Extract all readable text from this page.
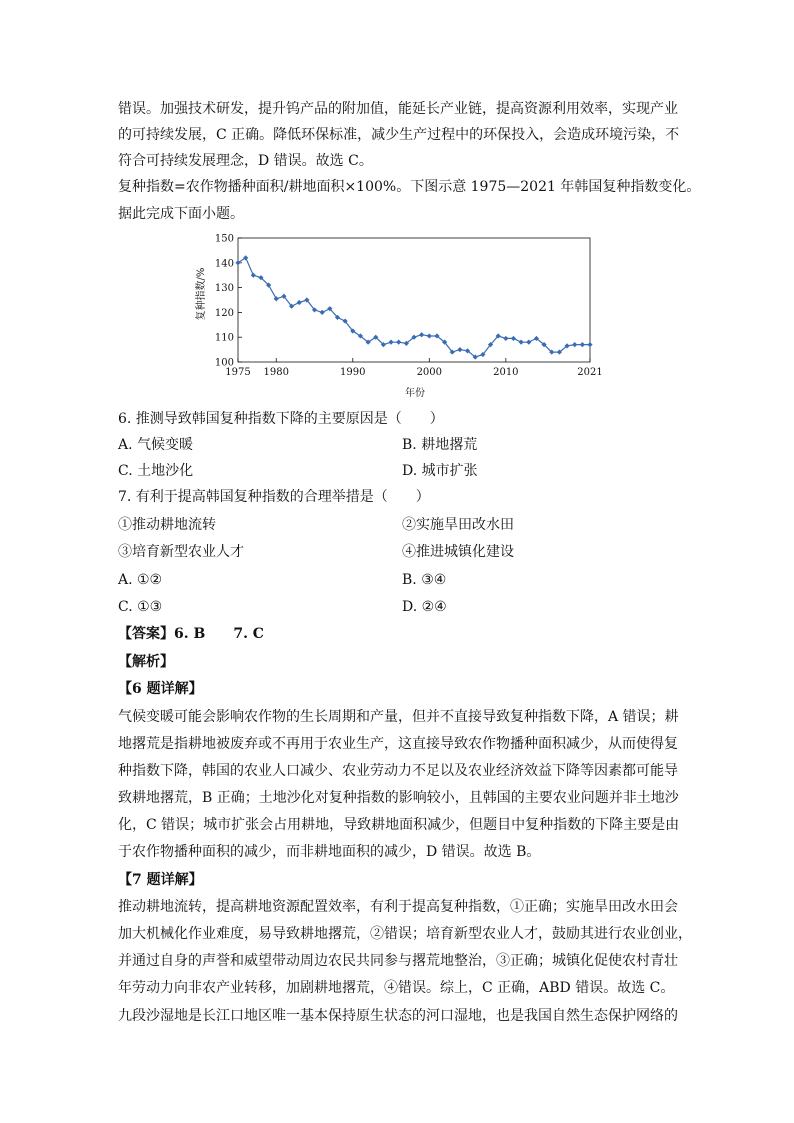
错误。加强技术研发，提升钨产品的附加值，能延长产业链，提高资源利用效率，实现产业
的可持续发展，C 正确。降低环保标准，减少生产过程中的环保投入，会造成环境污染，不
符合可持续发展理念，D 错误。故选 C。
复种指数=农作物播种面积/耕地面积×100%。下图示意 1975—2021 年韩国复种指数变化。
据此完成下面小题。
100
110
120
130
140
150
1975 1980	1990	2000	2010	2021
复种指数/%
年份
6. 推测导致韩国复种指数下降的主要原因是（　　）
A. 气候变暖	B. 耕地撂荒
C. 土地沙化	D. 城市扩张
7. 有利于提高韩国复种指数的合理举措是（　　）
①推动耕地流转	②实施旱田改水田
③培育新型农业人才	④推进城镇化建设
A. ①②	B. ③④
C. ①③	D. ②④
【答案】6. B　　7. C
【解析】
【6 题详解】
气候变暖可能会影响农作物的生长周期和产量，但并不直接导致复种指数下降，A 错误；耕
地撂荒是指耕地被废弃或不再用于农业生产，这直接导致农作物播种面积减少，从而使得复
种指数下降，韩国的农业人口减少、农业劳动力不足以及农业经济效益下降等因素都可能导
致耕地撂荒，B 正确；土地沙化对复种指数的影响较小，且韩国的主要农业问题并非土地沙
化，C 错误；城市扩张会占用耕地，导致耕地面积减少，但题目中复种指数的下降主要是由
于农作物播种面积的减少，而非耕地面积的减少，D 错误。故选 B。
【7 题详解】
推动耕地流转，提高耕地资源配置效率，有利于提高复种指数，①正确；实施旱田改水田会
加大机械化作业难度，易导致耕地撂荒，②错误；培育新型农业人才，鼓励其进行农业创业，
并通过自身的声誉和威望带动周边农民共同参与撂荒地整治，③正确；城镇化促使农村青壮
年劳动力向非农产业转移，加剧耕地撂荒，④错误。综上，C 正确，ABD 错误。故选 C。
九段沙湿地是长江口地区唯一基本保持原生状态的河口湿地，也是我国自然生态保护网络的
